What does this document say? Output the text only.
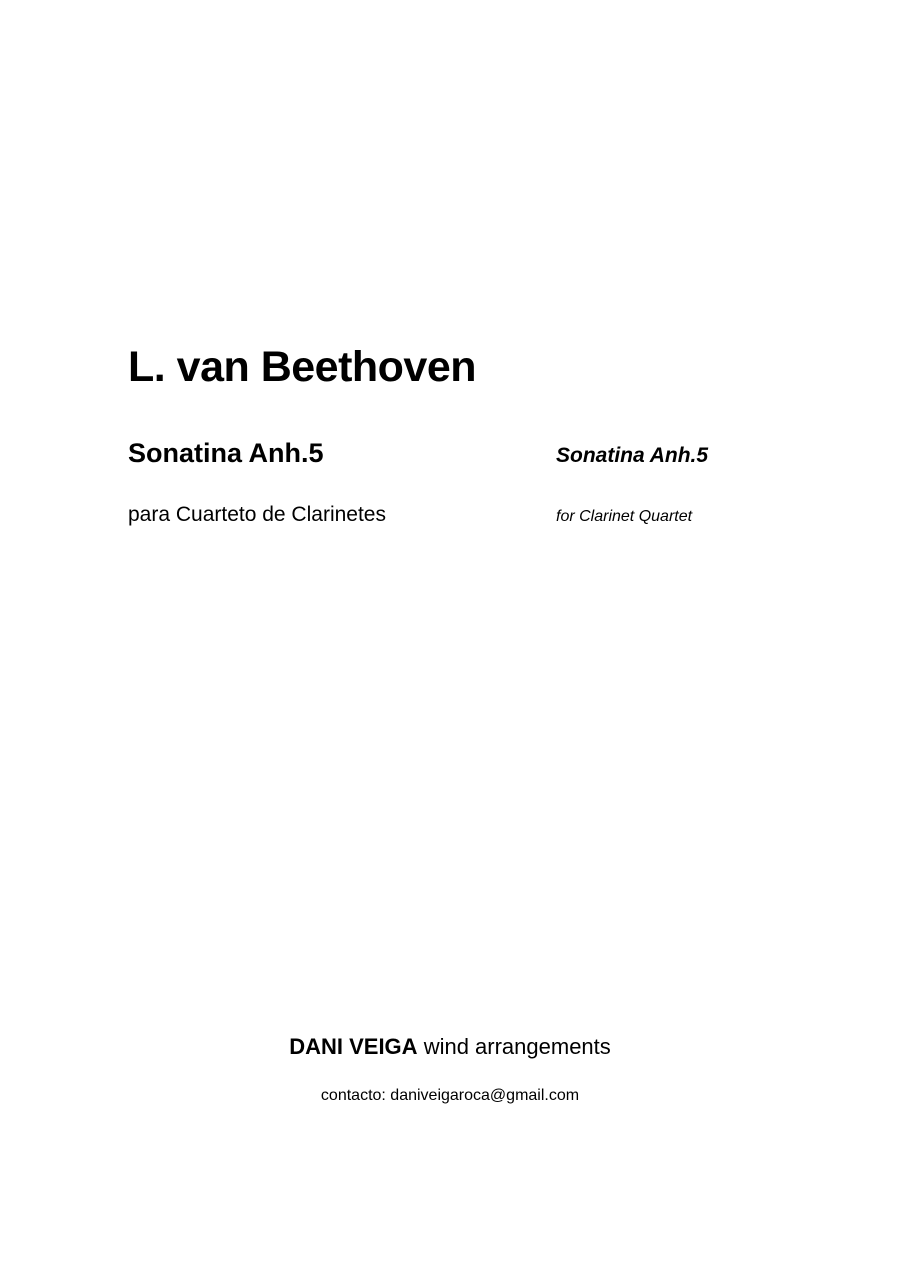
L. van Beethoven
Sonatina Anh.5	Sonatina Anh.5
para Cuarteto de Clarinetes	for Clarinet Quartet
DANI VEIGA wind arrangements
contacto: daniveigaroca@gmail.com
